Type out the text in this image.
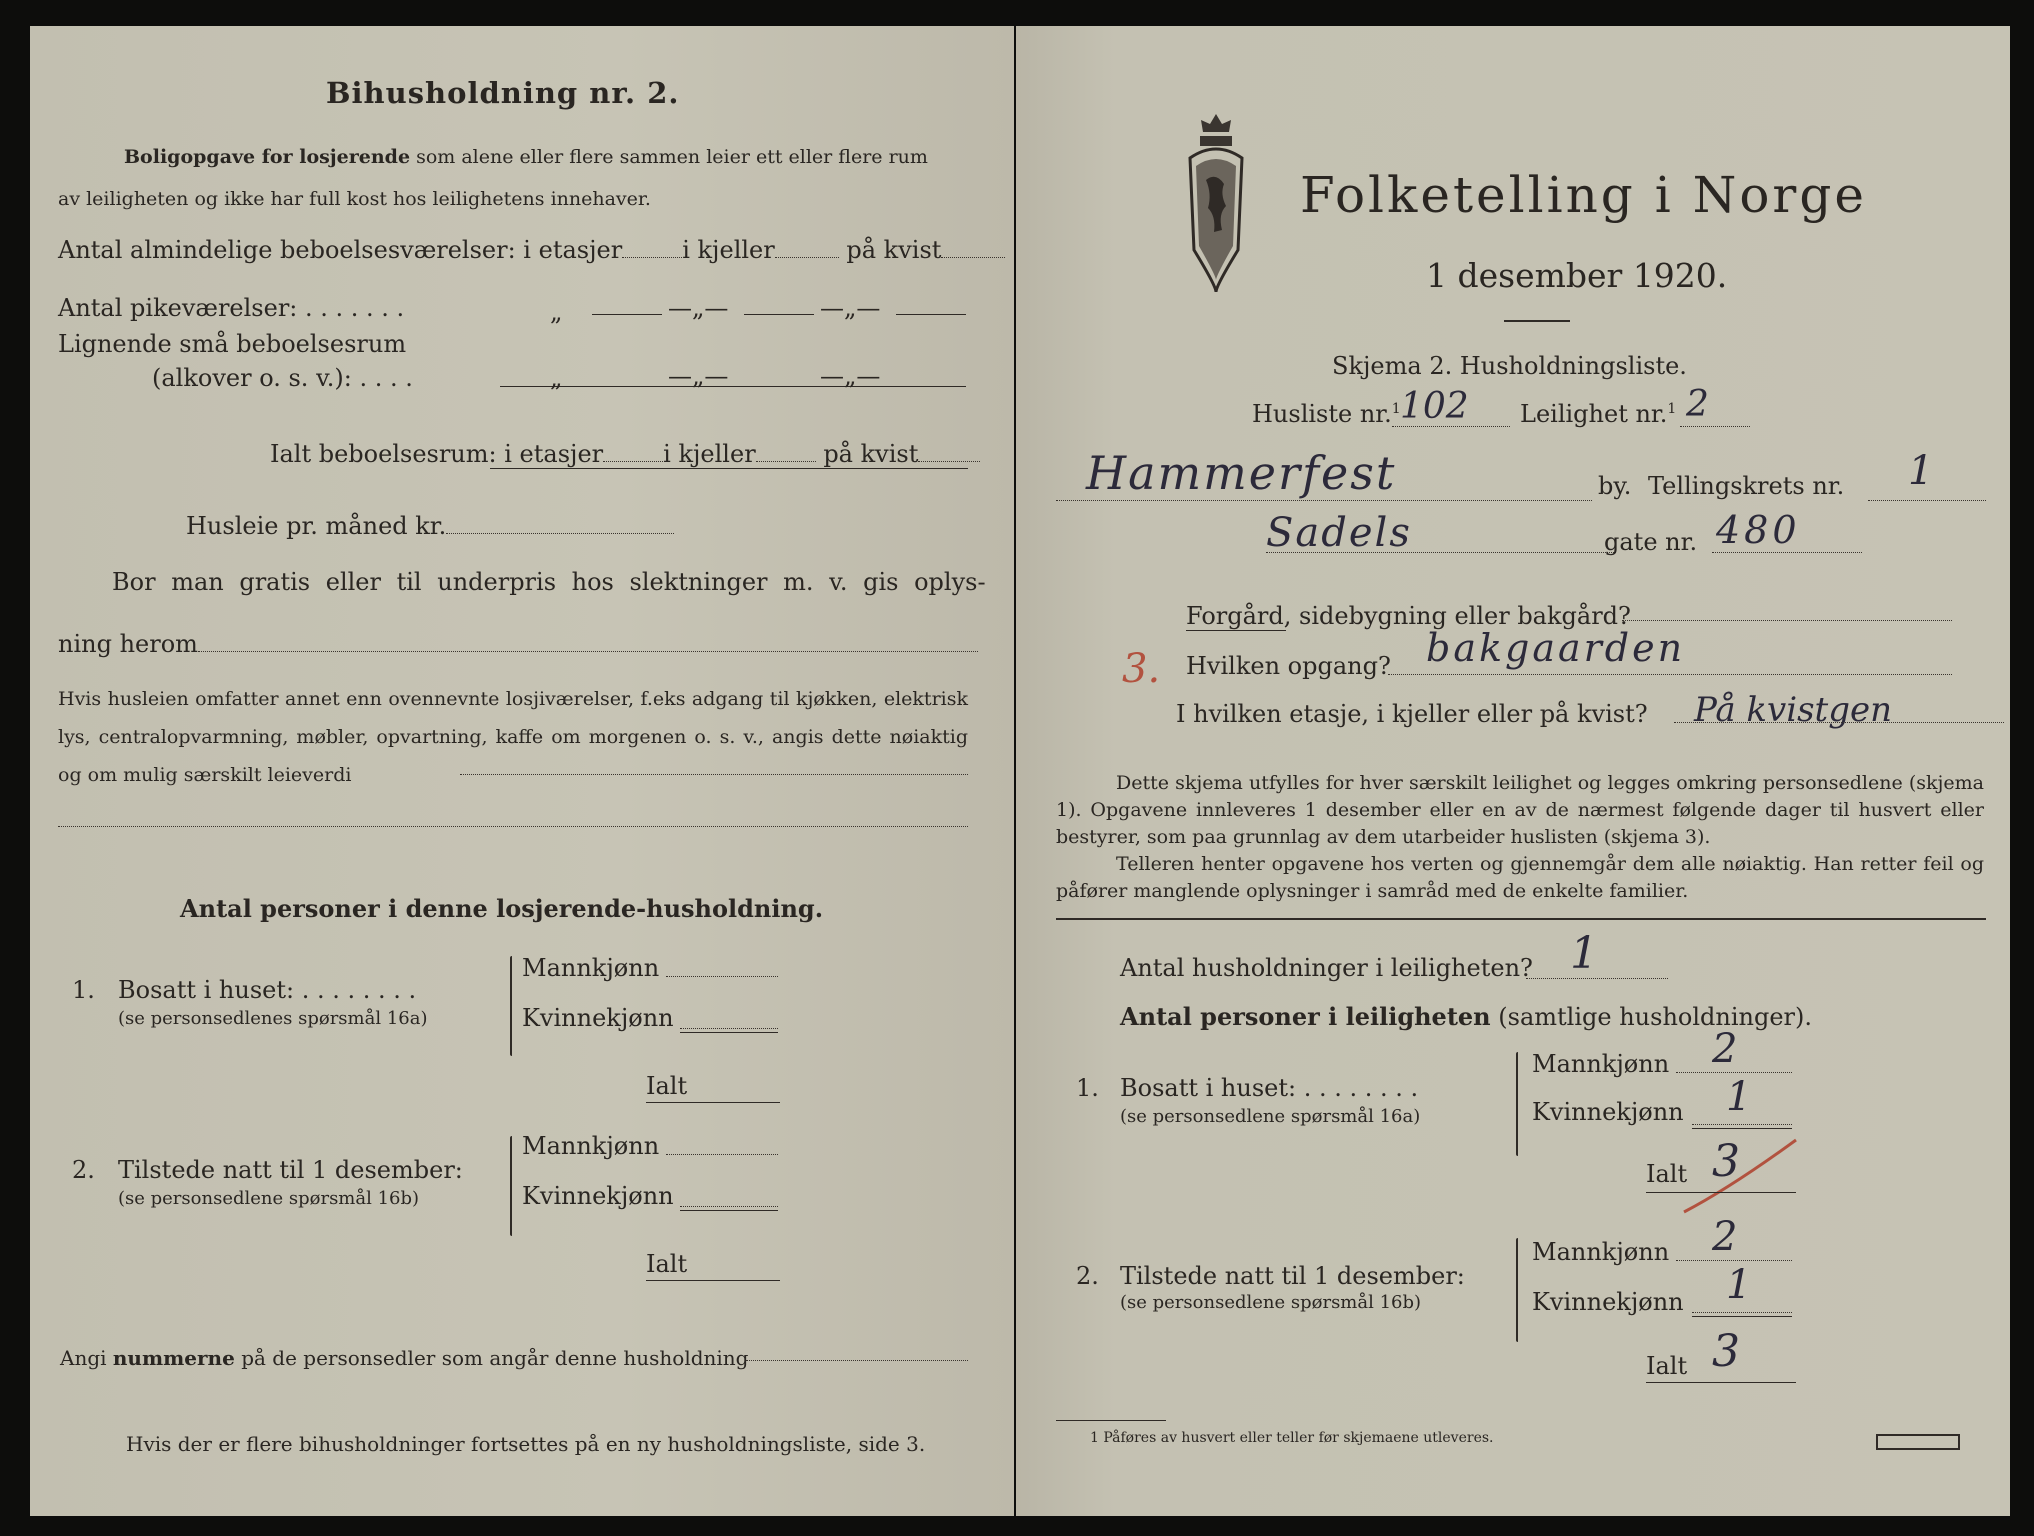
Bihusholdning nr. 2.
Boligopgave for losjerende som alene eller flere sammen leier ett eller flere rum
av leiligheten og ikke har full kost hos leilighetens innehaver.
Antal almindelige beboelsesværelser: i etasjer	i kjeller	på kvist
Antal pikeværelser: . . . . . . .	„	—„—	—„—
Lignende små beboelsesrum
(alkover o. s. v.): . . . .	„	—„—	—„—
Ialt beboelsesrum: i etasjer	i kjeller	på kvist
Husleie pr. måned kr.
Bor man gratis eller til underpris hos slektninger m. v. gis oplys-
ning herom
Hvis husleien omfatter annet enn ovennevnte losjiværelser, f.eks adgang til kjøkken, elektrisk lys, centralopvarmning, møbler, opvartning, kaffe om morgenen o. s. v., angis dette nøiaktig og om mulig særskilt leieverdi
Antal personer i denne losjerende-husholdning.
1. Bosatt i huset: . . . . . . . .
(se personsedlenes spørsmål 16a)
Mannkjønn
Kvinnekjønn
Ialt
2. Tilstede natt til 1 desember:
(se personsedlene spørsmål 16b)
Mannkjønn
Kvinnekjønn
Ialt
Angi nummerne på de personsedler som angår denne husholdning
Hvis der er flere bihusholdninger fortsettes på en ny husholdningsliste, side 3.
Folketelling i Norge
1 desember 1920.
Skjema 2. Husholdningsliste.
Husliste nr.$^1$ 102 Leilighet nr.$^1$ 2
Hammerfest	by. Tellingskrets nr. 1
Sadels	gate nr. 480
Forgård, sidebygning eller bakgård?
3. Hvilken opgang? bakgaarden
I hvilken etasje, i kjeller eller på kvist? På kvistgen
Dette skjema utfylles for hver særskilt leilighet og legges omkring personsedlene (skjema 1). Opgavene innleveres 1 desember eller en av de nærmest følgende dager til husvert eller bestyrer, som paa grunnlag av dem utarbeider huslisten (skjema 3).
Telleren henter opgavene hos verten og gjennemgår dem alle nøiaktig. Han retter feil og påfører manglende oplysninger i samråd med de enkelte familier.
Antal husholdninger i leiligheten? 1
Antal personer i leiligheten (samtlige husholdninger).
1. Bosatt i huset: . . . . . . . .
(se personsedlene spørsmål 16a)
Mannkjønn 2
Kvinnekjønn 1
Ialt 3
2. Tilstede natt til 1 desember:
(se personsedlene spørsmål 16b)
Mannkjønn 2
Kvinnekjønn 1
Ialt 3
1 Påføres av husvert eller teller før skjemaene utleveres.
